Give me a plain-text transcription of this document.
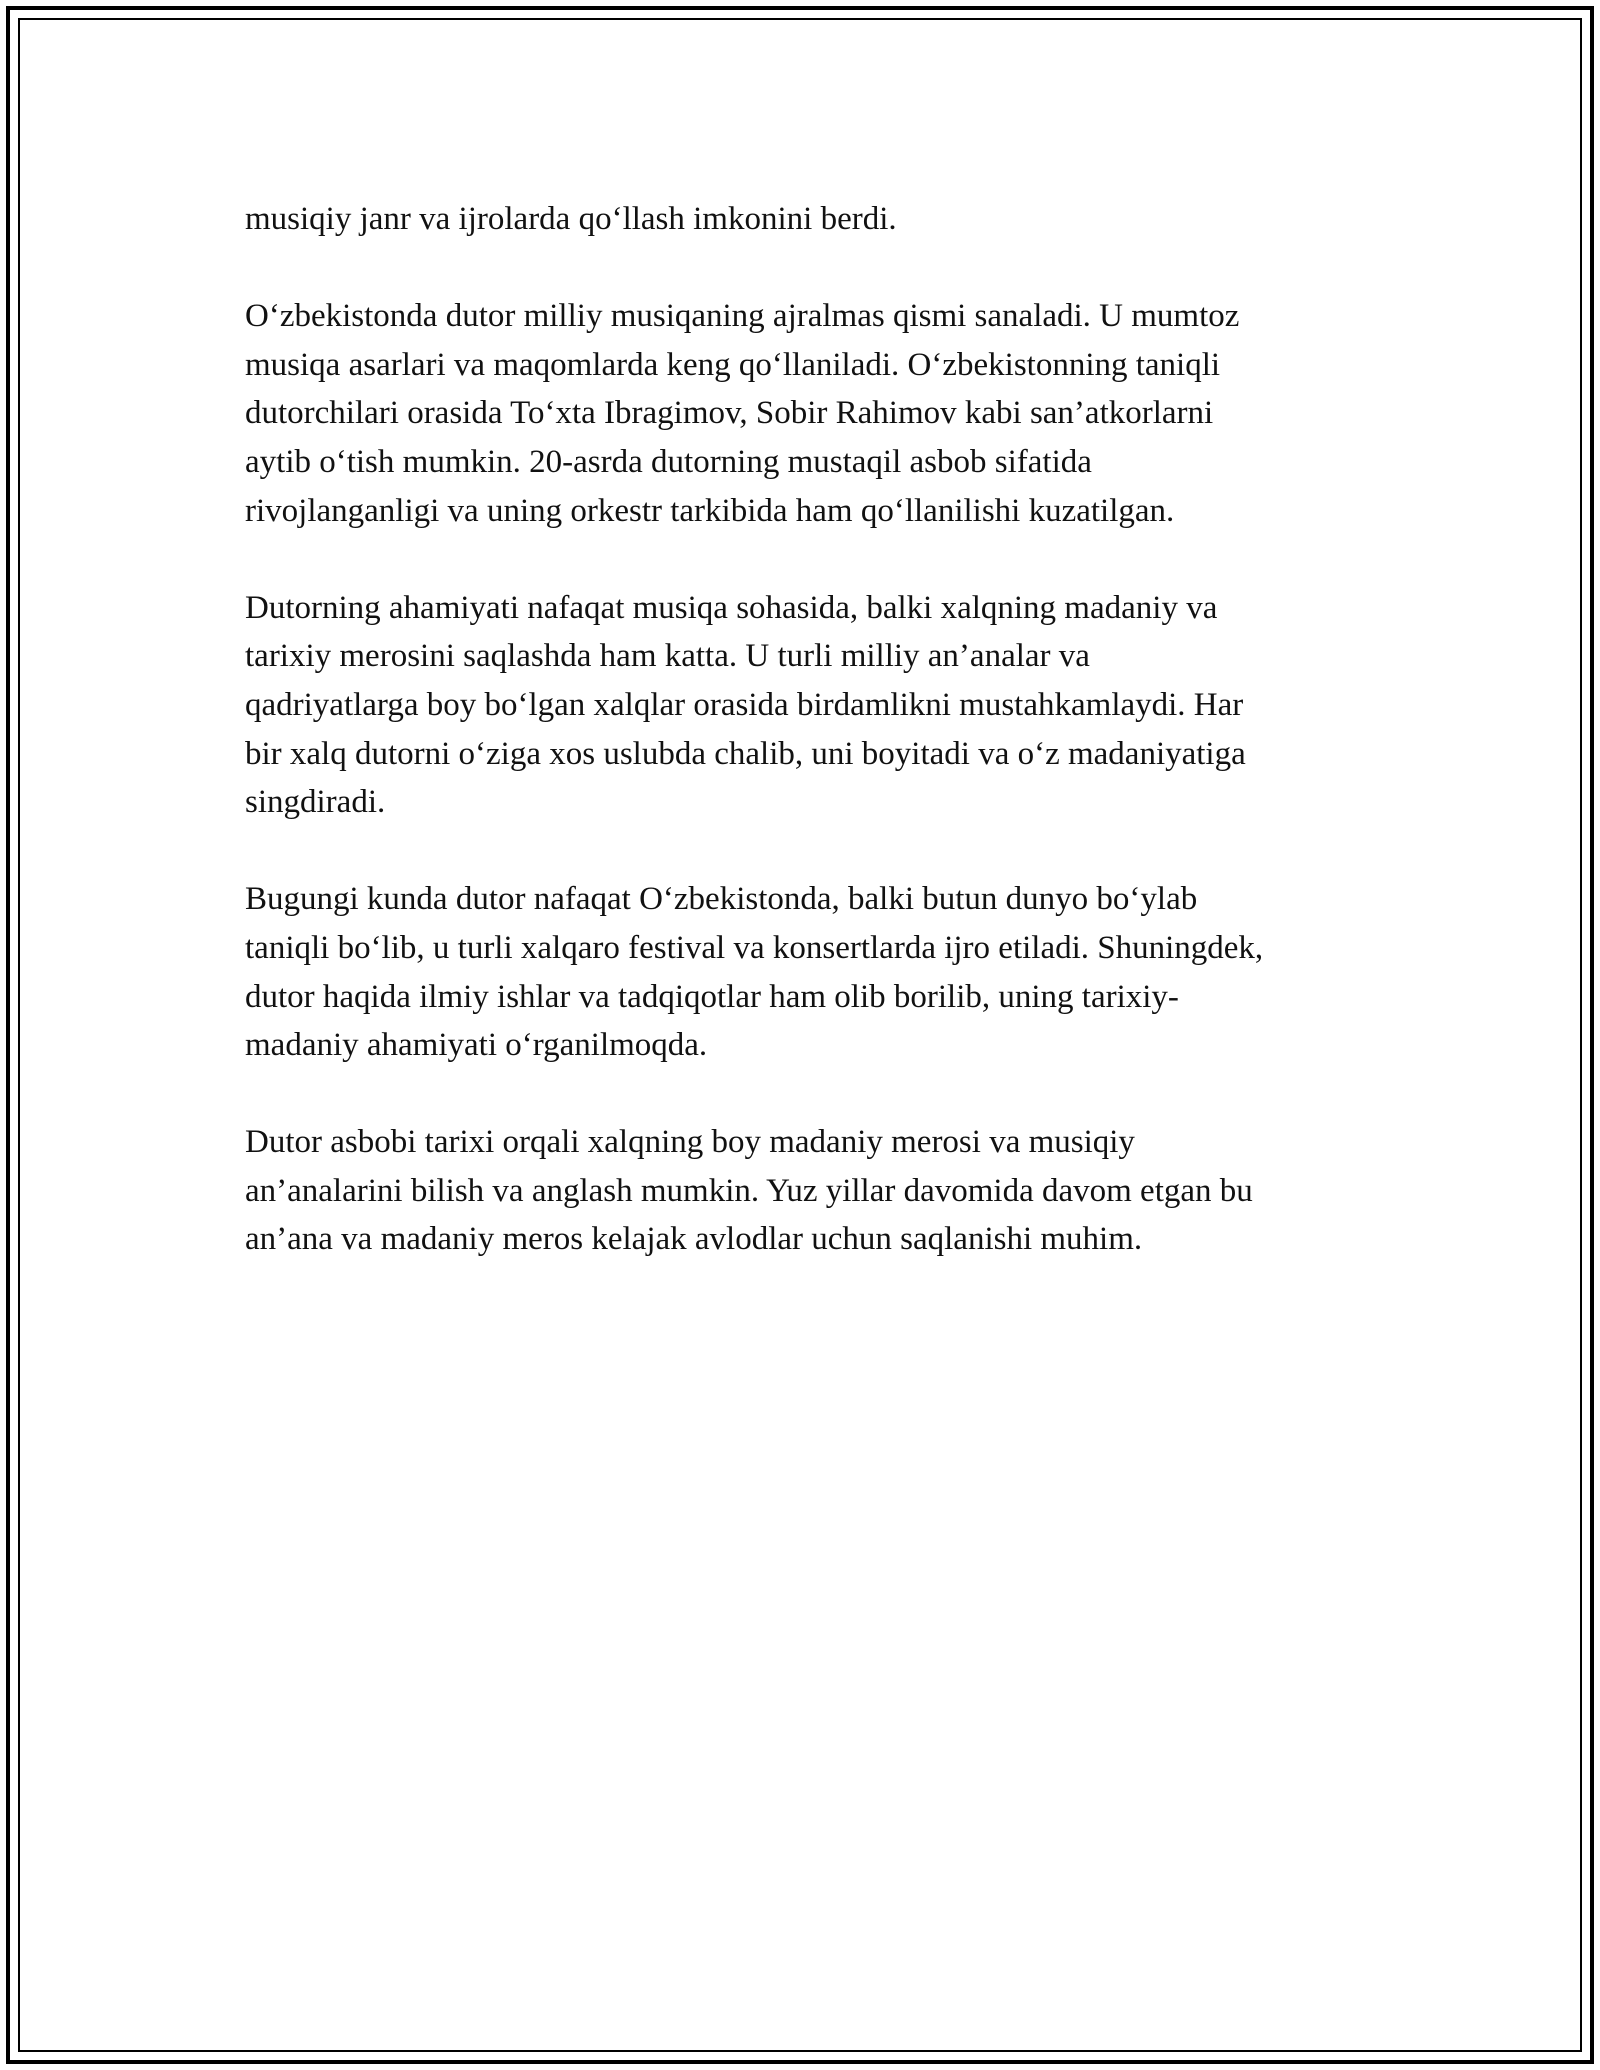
musiqiy janr va ijrolarda qo‘llash imkonini berdi.

O‘zbekistonda dutor milliy musiqaning ajralmas qismi sanaladi. U mumtoz
musiqa asarlari va maqomlarda keng qo‘llaniladi. O‘zbekistonning taniqli
dutorchilari orasida To‘xta Ibragimov, Sobir Rahimov kabi san’atkorlarni
aytib o‘tish mumkin. 20-asrda dutorning mustaqil asbob sifatida
rivojlanganligi va uning orkestr tarkibida ham qo‘llanilishi kuzatilgan.

Dutorning ahamiyati nafaqat musiqa sohasida, balki xalqning madaniy va
tarixiy merosini saqlashda ham katta. U turli milliy an’analar va
qadriyatlarga boy bo‘lgan xalqlar orasida birdamlikni mustahkamlaydi. Har
bir xalq dutorni o‘ziga xos uslubda chalib, uni boyitadi va o‘z madaniyatiga
singdiradi.

Bugungi kunda dutor nafaqat O‘zbekistonda, balki butun dunyo bo‘ylab
taniqli bo‘lib, u turli xalqaro festival va konsertlarda ijro etiladi. Shuningdek,
dutor haqida ilmiy ishlar va tadqiqotlar ham olib borilib, uning tarixiy-
madaniy ahamiyati o‘rganilmoqda.

Dutor asbobi tarixi orqali xalqning boy madaniy merosi va musiqiy
an’analarini bilish va anglash mumkin. Yuz yillar davomida davom etgan bu
an’ana va madaniy meros kelajak avlodlar uchun saqlanishi muhim.
